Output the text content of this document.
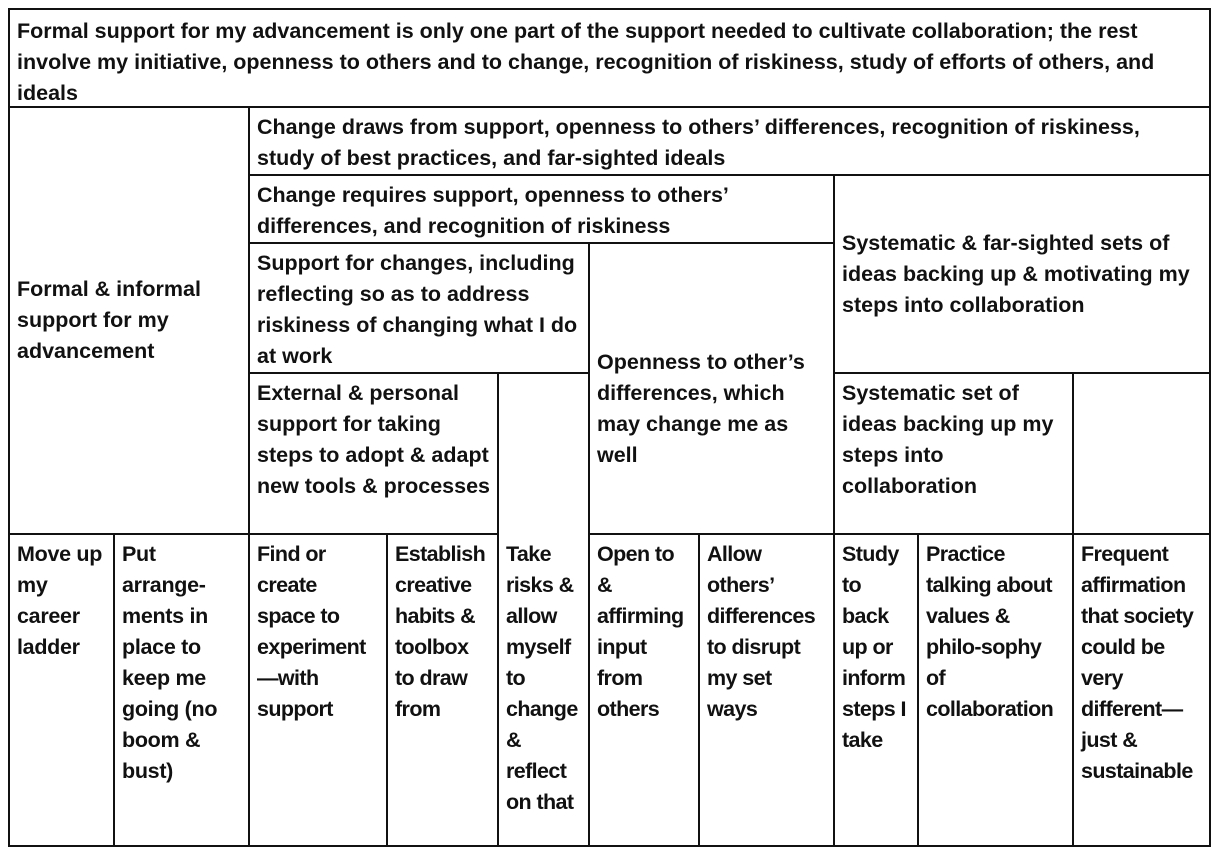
Formal support for my advancement is only one part of the support needed to cultivate collaboration; the rest involve my initiative, openness to others and to change, recognition of riskiness, study of efforts of others, and ideals
Formal & informal support for my advancement
Change draws from support, openness to others’ differences, recognition of riskiness, study of best practices, and far-sighted ideals
Change requires support, openness to others’ differences, and recognition of riskiness
Systematic & far-sighted sets of ideas backing up & motivating my steps into collaboration
Support for changes, including reflecting so as to address riskiness of changing what I do at work	Openness to other’s differences, which may change me as well
External & personal support for taking steps to adopt & adapt new tools & processes
Systematic set of ideas backing up my steps into collaboration
Move up my career ladder
Put arrange-ments in place to keep me going (no boom & bust)
Find or create space to experiment —with support
Establish creative habits & toolbox to draw from
Take risks & allow myself to change & reflect on that
Open to & affirming input from others
Allow others’ differences to disrupt my set ways
Study to back up or inform steps I take
Practice talking about values & philo-sophy of collaboration
Frequent affirmation that society could be very different—just & sustainable
